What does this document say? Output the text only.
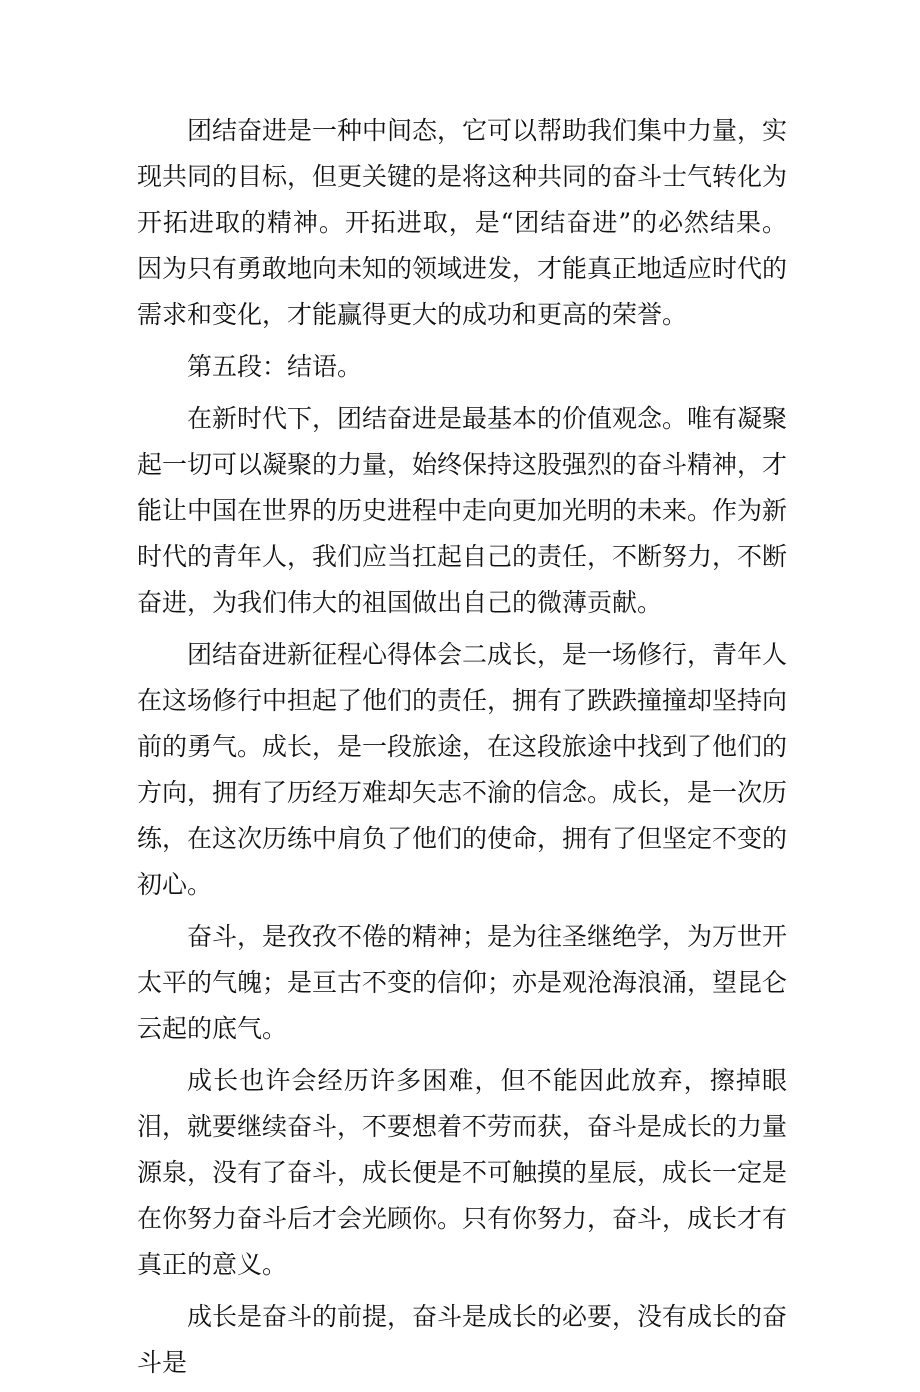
团结奋进是一种中间态，它可以帮助我们集中力量，实现共同的目标，但更关键的是将这种共同的奋斗士气转化为开拓进取的精神。开拓进取，是“团结奋进”的必然结果。因为只有勇敢地向未知的领域进发，才能真正地适应时代的需求和变化，才能赢得更大的成功和更高的荣誉。

第五段：结语。

在新时代下，团结奋进是最基本的价值观念。唯有凝聚起一切可以凝聚的力量，始终保持这股强烈的奋斗精神，才能让中国在世界的历史进程中走向更加光明的未来。作为新时代的青年人，我们应当扛起自己的责任，不断努力，不断奋进，为我们伟大的祖国做出自己的微薄贡献。

团结奋进新征程心得体会二成长，是一场修行，青年人在这场修行中担起了他们的责任，拥有了跌跌撞撞却坚持向前的勇气。成长，是一段旅途，在这段旅途中找到了他们的方向，拥有了历经万难却矢志不渝的信念。成长，是一次历练，在这次历练中肩负了他们的使命，拥有了但坚定不变的初心。

奋斗，是孜孜不倦的精神；是为往圣继绝学，为万世开太平的气魄；是亘古不变的信仰；亦是观沧海浪涌，望昆仑云起的底气。

成长也许会经历许多困难，但不能因此放弃，擦掉眼泪，就要继续奋斗，不要想着不劳而获，奋斗是成长的力量源泉，没有了奋斗，成长便是不可触摸的星辰，成长一定是在你努力奋斗后才会光顾你。只有你努力，奋斗，成长才有真正的意义。

成长是奋斗的前提，奋斗是成长的必要，没有成长的奋斗是
